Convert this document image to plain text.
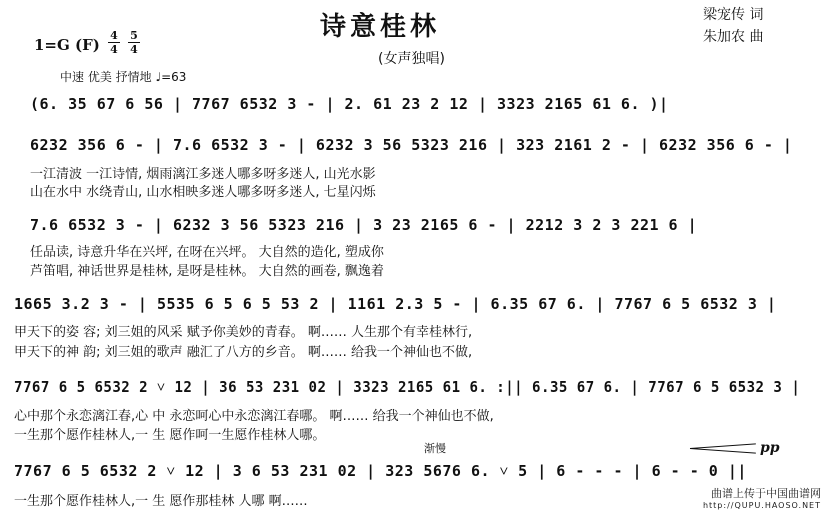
诗意桂林
(女声独唱)
梁宠传 词
朱加农 曲
1=G (F)
4
4
5
4
中速 优美 抒情地 ♩=63
(6. 35 67 6 56 | 7767 6532 3 - | 2. 61 23 2 12 | 3323 2165 61 6. )|
6232 356 6 - | 7.6 6532 3 - | 6232 3 56 5323 216 | 323 2161 2 - | 6232 356 6 - |
一江清波 一江诗情, 烟雨漓江多迷人哪多呀多迷人, 山光水影
山在水中 水绕青山, 山水相映多迷人哪多呀多迷人, 七星闪烁
7.6 6532 3 - | 6232 3 56 5323 216 | 3 23 2165 6 - | 2212 3 2 3 221 6 |
任品读, 诗意升华在兴坪, 在呀在兴坪。 大自然的造化, 塑成你
芦笛唱, 神话世界是桂林, 是呀是桂林。 大自然的画卷, 飘逸着
1665 3.2 3 - | 5535 6 5 6 5 53 2 | 1161 2.3 5 - | 6.35 67 6. | 7767 6 5 6532 3 |
甲天下的姿 容; 刘三姐的风采 赋予你美妙的青春。 啊…… 人生那个有幸桂林行,
甲天下的神 韵; 刘三姐的歌声 融汇了八方的乡音。 啊…… 给我一个神仙也不做,
7767 6 5 6532 2 ˅ 12 | 36 53 231 02 | 3323 2165 61 6. :|| 6.35 67 6. | 7767 6 5 6532 3 |
心中那个永恋漓江春,心 中 永恋呵心中永恋漓江春哪。 啊…… 给我一个神仙也不做,
一生那个愿作桂林人,一 生 愿作呵一生愿作桂林人哪。
渐慢	pp
7767 6 5 6532 2 ˅ 12 | 3 6 53 231 02 | 323 5676 6. ˅ 5 | 6 - - - | 6 - - 0 ||
一生那个愿作桂林人,一 生 愿作那桂林 人哪 啊……
曲谱上传于中国曲谱网
http://QUPU.HAOSO.NET
